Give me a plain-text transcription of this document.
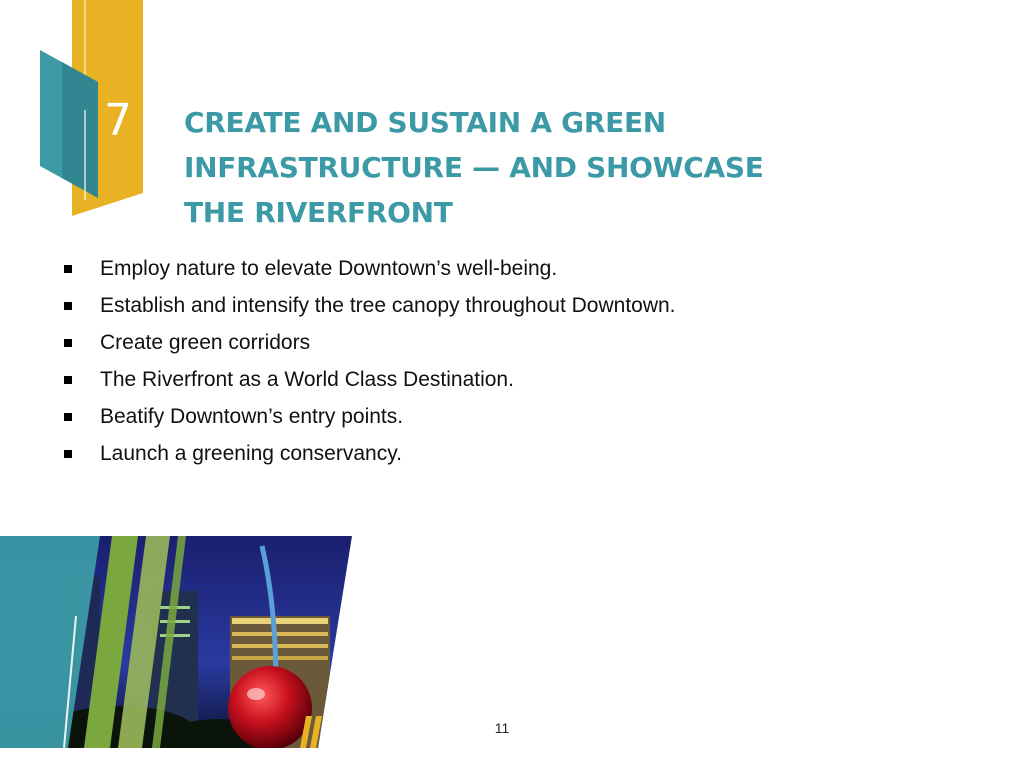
7 CREATE AND SUSTAIN A GREEN
INFRASTRUCTURE — AND SHOWCASE
THE RIVERFRONT
Employ nature to elevate Downtown’s well-being.
Establish and intensify the tree canopy throughout Downtown.
Create green corridors
The Riverfront as a World Class Destination.
Beatify Downtown’s entry points.
Launch a greening conservancy.
11
